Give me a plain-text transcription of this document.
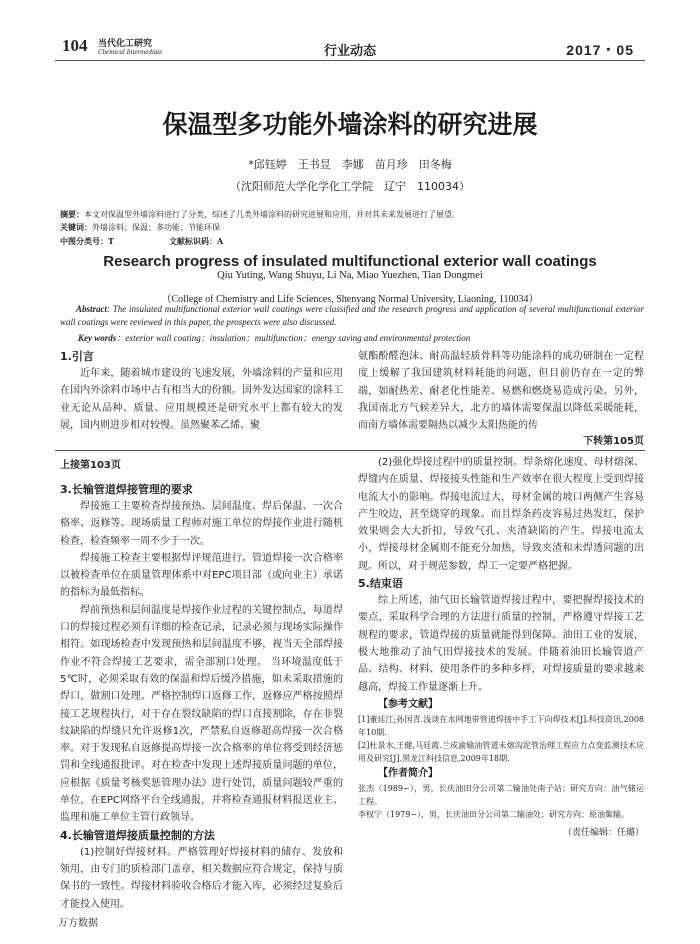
104 当代化工研究
Chemical Intermediate	行业动态	2017・05
保温型多功能外墙涂料的研究进展
*邱钰婷　王书昱　李娜　苗月珍　田冬梅
（沈阳师范大学化学化工学院　辽宁　110034）
摘要：本文对保温型外墙涂料进行了分类，综述了几类外墙涂料的研究进展和应用，并对其未来发展进行了展望。
关键词：外墙涂料；保温；多功能；节能环保
中图分类号：T	文献标识码：A
Research progress of insulated multifunctional exterior wall coatings
Qiu Yuting, Wang Shuyu, Li Na, Miao Yuezhen, Tian Dongmei
（College of Chemistry and Life Sciences, Shenyang Normal University, Liaoning, 110034）
Abstract: The insulated multifunctional exterior wall coatings were classified and the research progress and application of several multifunctional exterior wall coatings were reviewed in this paper, the prospects were also discussed.
Key words：exterior wall coating；insulation；multifunction；energy saving and environmental protection
1.引言

近年来，随着城市建设的飞速发展，外墙涂料的产量和应用在国内外涂料市场中占有相当大的份额。国外发达国家的涂料工业无论从品种、质量、应用规模还是研究水平上都有较大的发展，国内则进步相对较慢。虽然聚苯乙烯、聚

氨酯酚醛泡沫、耐高温轻质骨料等功能涂料的成功研制在一定程度上缓解了我国建筑材料耗能的问题，但目前仍存在一定的弊端，如耐热差、耐老化性能差、易燃和燃烧易造成污染。另外，我国南北方气候差异大，北方的墙体需要保温以降低采暖能耗，而南方墙体需要隔热以减少太阳热能的传

下转第105页
上接第103页
3.长输管道焊接管理的要求

焊接施工主要检查焊接预热、层间温度、焊后保温、一次合格率、返修等。现场质量工程师对施工单位的焊接作业进行随机检查，检查频率一周不少于一次。

焊接施工检查主要根据焊评规范进行。管道焊接一次合格率以被检查单位在质量管理体系中对EPC项目部（或向业主）承诺的指标为最低指标。

焊前预热和层间温度是焊接作业过程的关键控制点，每道焊口的焊接过程必须有详细的检查记录，记录必须与现场实际操作相符。如现场检查中发现预热和层间温度不够，视当天全部焊接作业不符合焊接工艺要求，需全部割口处理。 当环境温度低于5℃时，必须采取有效的保温和焊后缓冷措施，如未采取措施的焊口，做割口处理。严格控制焊口返修工作，返修应严格按照焊接工艺规程执行，对于存在裂纹缺陷的焊口直接割除，存在非裂纹缺陷的焊缝只允许返修1次，严禁私自返修超高焊接一次合格率。对于发现私自返修提高焊接一次合格率的单位将受到经济惩罚和全线通报批评。对在检查中发现上述焊接质量问题的单位，应根据《质量考核奖惩管理办法》进行处罚，质量问题较严重的单位，在EPC网络平台全线通报，并将检查通报材料报送业主、监理和施工单位主管行政领导。

4.长输管道焊接质量控制的方法

(1)控制好焊接材料。严格管理好焊接材料的储存、发放和领用，由专门的质检部门盖章，相关数据应符合规定，保持与质保书的一致性。焊接材料验收合格后才能入库，必须经过复验后才能投入使用。

(2)强化焊接过程中的质量控制。焊条熔化速度、母材熔深、焊缝内在质量、焊接接头性能和生产效率在很大程度上受到焊接电流大小的影响。焊接电流过大，母材金属的坡口两侧产生容易产生咬边，甚至烧穿的现象。而且焊条药皮容易过热发红，保护效果则会大大折扣，导致气孔、夹渣缺陷的产生。焊接电流太小，焊接母材金属则不能充分加热，导致夹渣和未焊透问题的出现。所以，对于规范参数，焊工一定要严格把握。

5.结束语

综上所述，油气田长输管道焊接过程中，要把握焊接技术的要点，采取科学合理的方法进行质量的控制，严格遵守焊接工艺规程的要求，管道焊接的质量就能得到保障。油田工业的发展，极大地推动了油气田焊接技术的发展。伴随着油田长输管道产品、结构、材料、使用条件的多种多样，对焊接质量的要求越来越高，焊接工作量逐渐上升。

【参考文献】

[1]董廷江;孙国青.浅谈在水网地带管道焊接中手工下向焊技术[J].科技资讯,2008年10期.

[2]杜景水,王健,马廷霞.兰成渝输油管道未熔沟泥管治理工程应力点变监测技术应用及研究[J].黑龙江科技信息,2009年18期.

【作者简介】

张杰（1989~），男，长庆油田分公司第二输油处南子站；研究方向：油气储运工程。

李权宁（1979~），男，长庆油田分公司第二输油处；研究方向：原油集输。

（责任编辑：任璐）
万方数据
